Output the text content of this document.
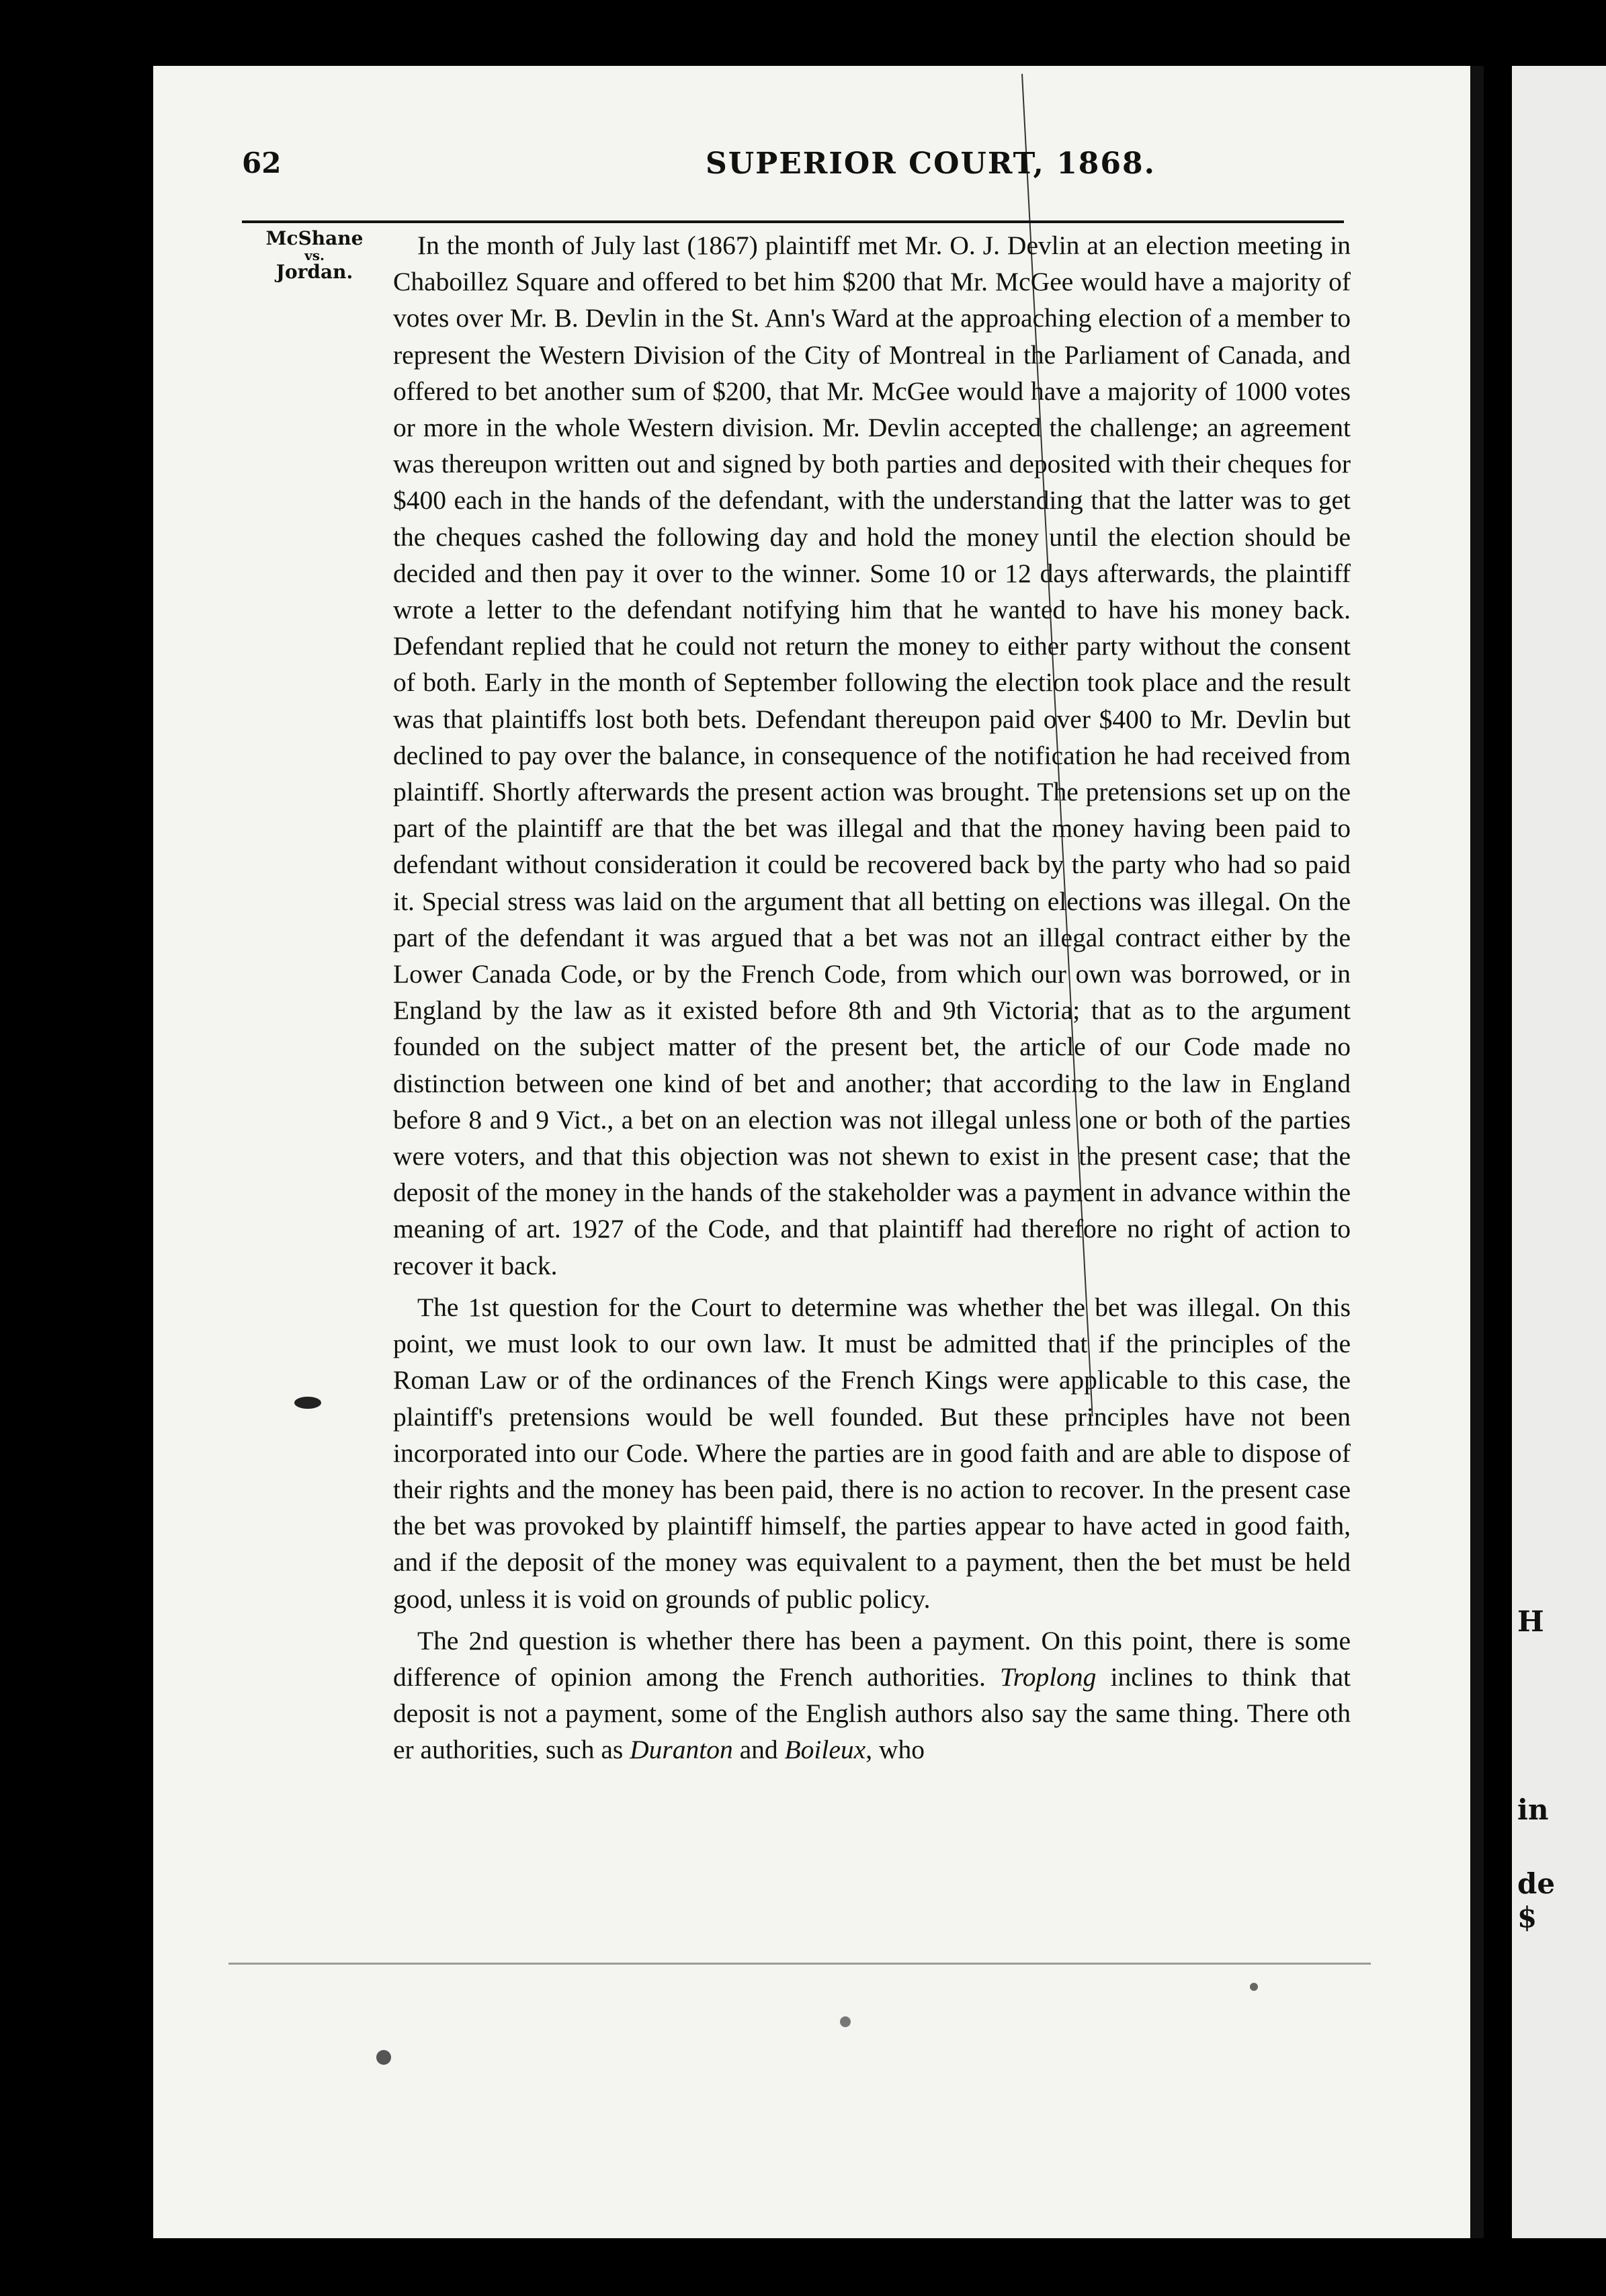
H
in
de
$
62	SUPERIOR COURT, 1868.
McShane
vs.
Jordan.

In the month of July last (1867) plaintiff met Mr. O. J. Devlin at an election meeting in Chaboillez Square and offered to bet him $200 that Mr. McGee would have a majority of votes over Mr. B. Devlin in the St. Ann's Ward at the approaching election of a member to represent the Western Division of the City of Montreal in the Parliament of Canada, and offered to bet another sum of $200, that Mr. McGee would have a majority of 1000 votes or more in the whole Western division. Mr. Devlin accepted the challenge; an agreement was thereupon written out and signed by both parties and deposited with their cheques for $400 each in the hands of the defendant, with the understanding that the latter was to get the cheques cashed the following day and hold the money until the election should be decided and then pay it over to the winner. Some 10 or 12 days afterwards, the plaintiff wrote a letter to the defendant notifying him that he wanted to have his money back. Defendant replied that he could not return the money to either party without the consent of both. Early in the month of September following the election took place and the result was that plaintiffs lost both bets. Defendant thereupon paid over $400 to Mr. Devlin but declined to pay over the balance, in consequence of the notification he had received from plaintiff. Shortly afterwards the present action was brought. The pretensions set up on the part of the plaintiff are that the bet was illegal and that the money having been paid to defendant without consideration it could be recovered back by the party who had so paid it. Special stress was laid on the argument that all betting on elections was illegal. On the part of the defendant it was argued that a bet was not an illegal contract either by the Lower Canada Code, or by the French Code, from which our own was borrowed, or in England by the law as it existed before 8th and 9th Victoria; that as to the argument founded on the subject matter of the present bet, the article of our Code made no distinction between one kind of bet and another; that according to the law in England before 8 and 9 Vict., a bet on an election was not illegal unless one or both of the parties were voters, and that this objection was not shewn to exist in the present case; that the deposit of the money in the hands of the stakeholder was a payment in advance within the meaning of art. 1927 of the Code, and that plaintiff had therefore no right of action to recover it back.

The 1st question for the Court to determine was whether the bet was illegal. On this point, we must look to our own law. It must be admitted that if the principles of the Roman Law or of the ordinances of the French Kings were applicable to this case, the plaintiff's pretensions would be well founded. But these principles have not been incorporated into our Code. Where the parties are in good faith and are able to dispose of their rights and the money has been paid, there is no action to recover. In the present case the bet was provoked by plaintiff himself, the parties appear to have acted in good faith, and if the deposit of the money was equivalent to a payment, then the bet must be held good, unless it is void on grounds of public policy.

The 2nd question is whether there has been a payment. On this point, there is some difference of opinion among the French authorities. Troplong inclines to think that deposit is not a payment, some of the English authors also say the same thing. There oth er authorities, such as Duranton and Boileux, who
